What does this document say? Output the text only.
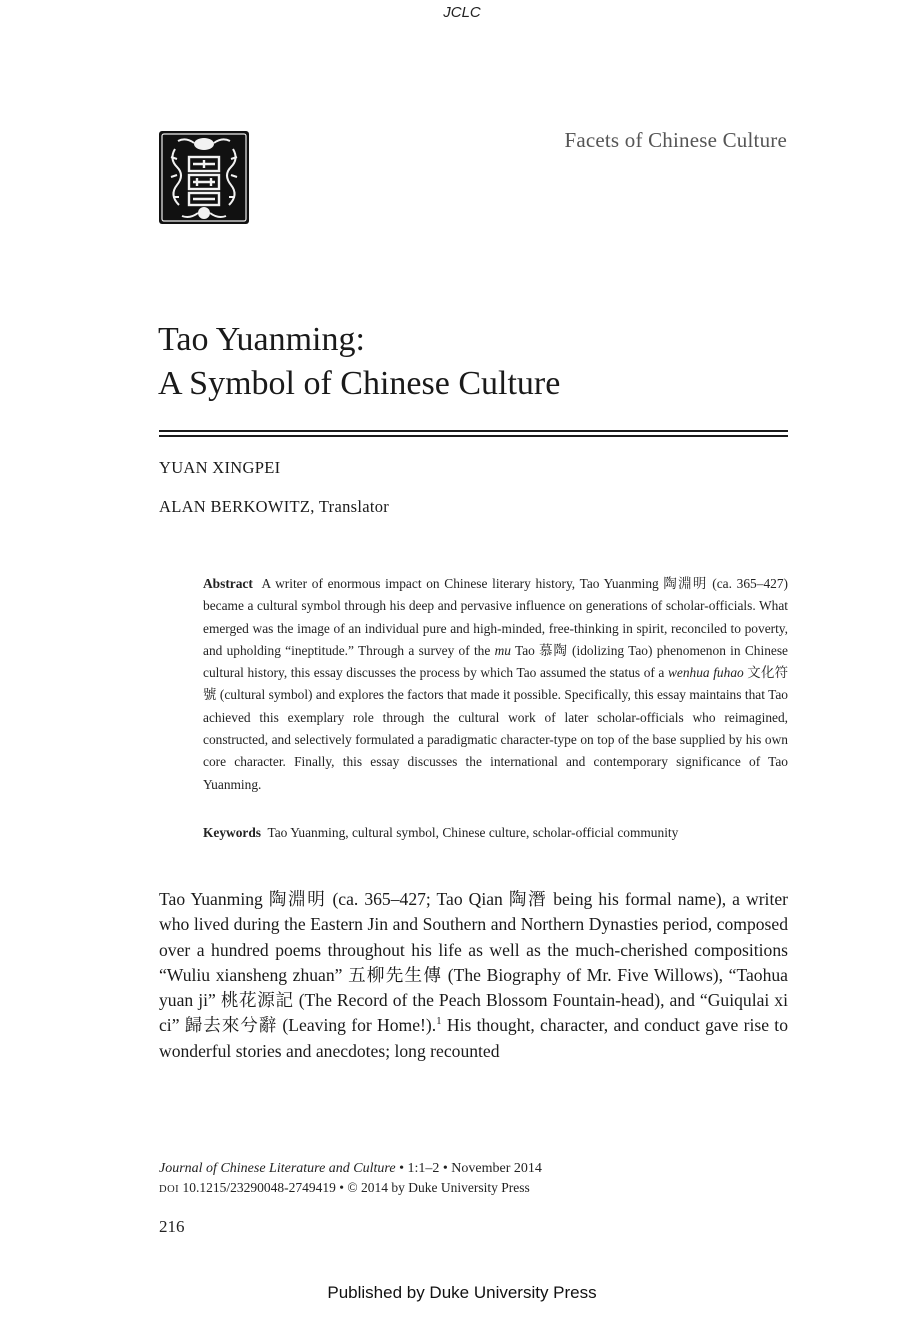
JCLC
Facets of Chinese Culture
Tao Yuanming:
A Symbol of Chinese Culture
YUAN XINGPEI
ALAN BERKOWITZ, Translator

Abstract A writer of enormous impact on Chinese literary history, Tao Yuanming 陶淵明 (ca. 365–427) became a cultural symbol through his deep and pervasive influence on generations of scholar-officials. What emerged was the image of an individual pure and high-minded, free-thinking in spirit, reconciled to poverty, and upholding “ineptitude.” Through a survey of the mu Tao 慕陶 (idolizing Tao) phenomenon in Chinese cultural history, this essay discusses the process by which Tao assumed the status of a wenhua fuhao 文化符號 (cultural symbol) and explores the factors that made it possible. Specifically, this essay maintains that Tao achieved this exemplary role through the cultural work of later scholar-officials who reimagined, constructed, and selectively formulated a paradigmatic character-type on top of the base supplied by his own core character. Finally, this essay discusses the international and contemporary significance of Tao Yuanming.

Keywords Tao Yuanming, cultural symbol, Chinese culture, scholar-official community

Tao Yuanming 陶淵明 (ca. 365–427; Tao Qian 陶潛 being his formal name), a writer who lived during the Eastern Jin and Southern and Northern Dynasties period, composed over a hundred poems throughout his life as well as the much-cherished compositions “Wuliu xiansheng zhuan” 五柳先生傳 (The Biography of Mr. Five Willows), “Taohua yuan ji” 桃花源記 (The Record of the Peach Blossom Fountain-head), and “Guiqulai xi ci” 歸去來兮辭 (Leaving for Home!).$^1$ His thought, character, and conduct gave rise to wonderful stories and anecdotes; long recounted

Journal of Chinese Literature and Culture • 1:1–2 • November 2014
DOI 10.1215/23290048-2749419 • © 2014 by Duke University Press
216
Published by Duke University Press
